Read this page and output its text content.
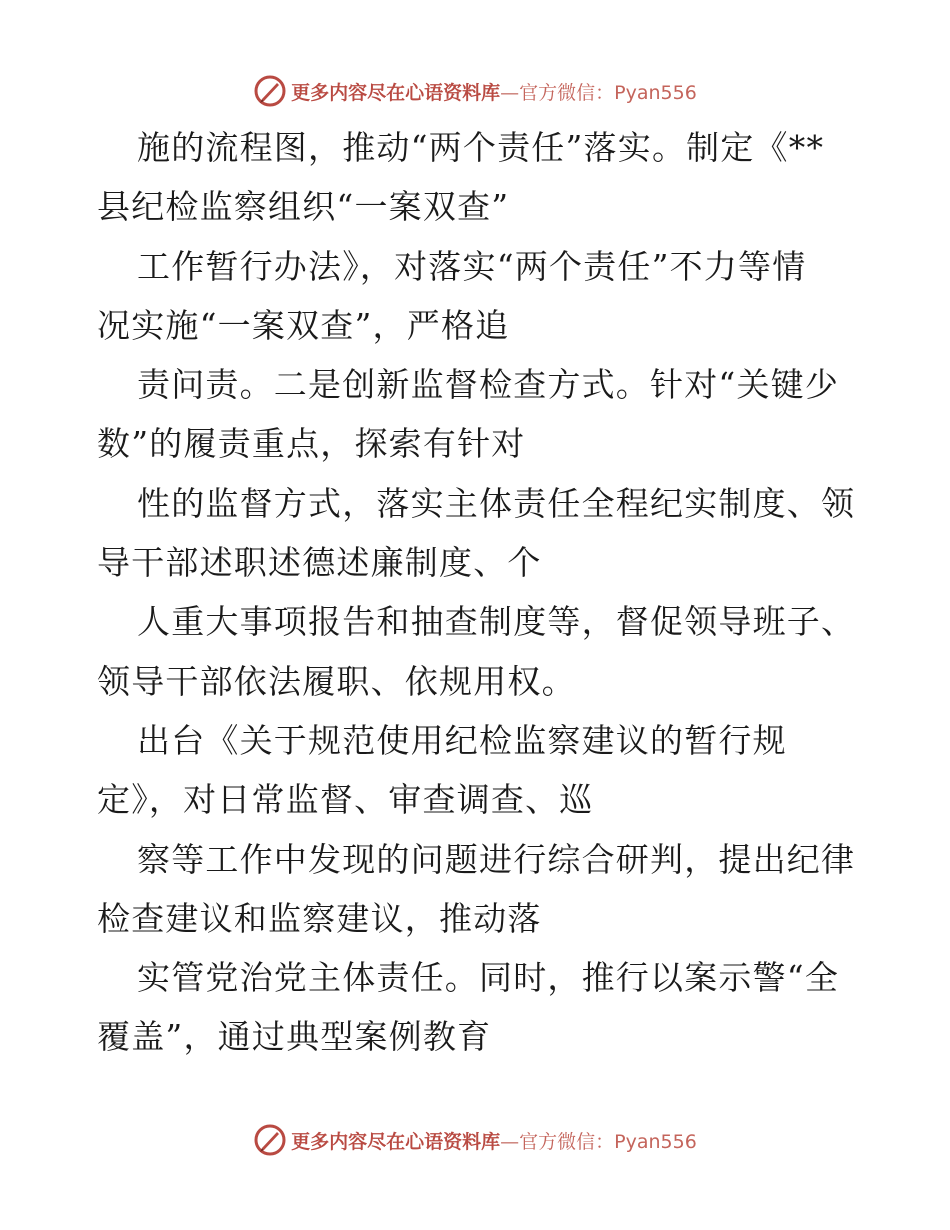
更多内容尽在心语资料库—官方微信：Pyan556
施的流程图，推动“两个责任”落实。制定《**
县纪检监察组织“一案双查”
工作暂行办法》，对落实“两个责任”不力等情
况实施“一案双查”，严格追
责问责。二是创新监督检查方式。针对“关键少
数”的履责重点，探索有针对
性的监督方式，落实主体责任全程纪实制度、领
导干部述职述德述廉制度、个
人重大事项报告和抽查制度等，督促领导班子、
领导干部依法履职、依规用权。
出台《关于规范使用纪检监察建议的暂行规
定》，对日常监督、审查调查、巡
察等工作中发现的问题进行综合研判，提出纪律
检查建议和监察建议，推动落
实管党治党主体责任。同时，推行以案示警“全
覆盖”，通过典型案例教育
更多内容尽在心语资料库—官方微信：Pyan556
